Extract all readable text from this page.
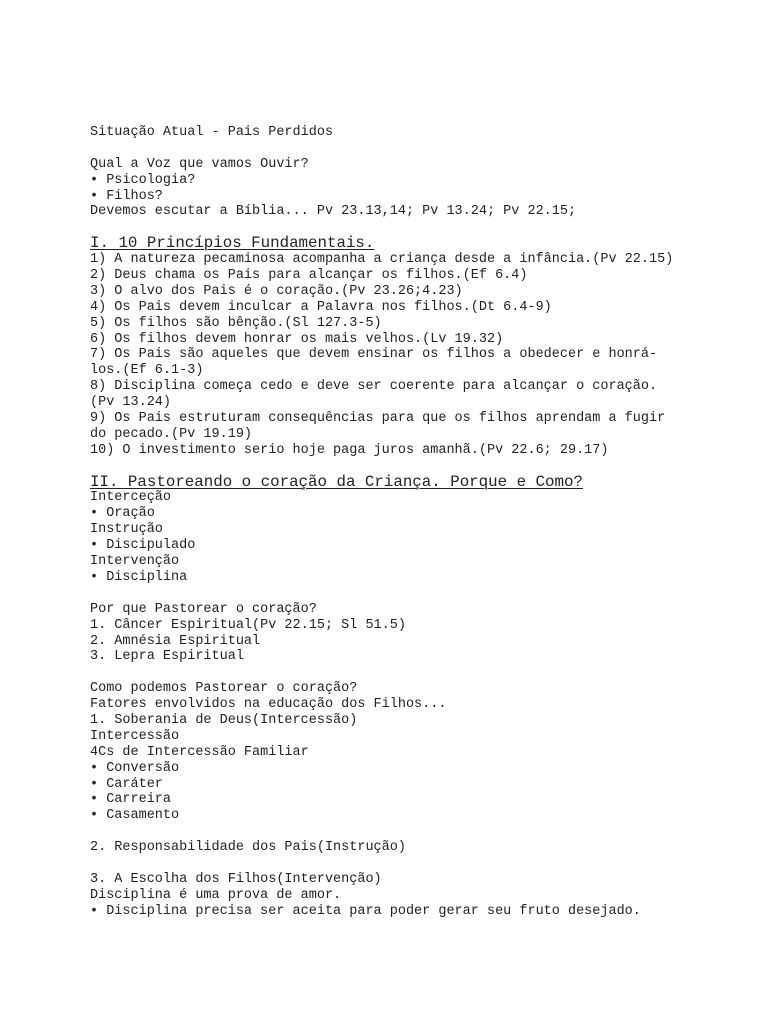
Situação Atual - Pais Perdidos
Qual a Voz que vamos Ouvir?
• Psicologia?
• Filhos?
Devemos escutar a Bíblia... Pv 23.13,14; Pv 13.24; Pv 22.15;
I. 10 Princípios Fundamentais.
1) A natureza pecaminosa acompanha a criança desde a infância.(Pv 22.15)
2) Deus chama os Pais para alcançar os filhos.(Ef 6.4)
3) O alvo dos Pais é o coração.(Pv 23.26;4.23)
4) Os Pais devem inculcar a Palavra nos filhos.(Dt 6.4-9)
5) Os filhos são bênção.(Sl 127.3-5)
6) Os filhos devem honrar os mais velhos.(Lv 19.32)
7) Os Pais são aqueles que devem ensinar os filhos a obedecer e honrá-
los.(Ef 6.1-3)
8) Disciplina começa cedo e deve ser coerente para alcançar o coração.
(Pv 13.24)
9) Os Pais estruturam consequências para que os filhos aprendam a fugir
do pecado.(Pv 19.19)
10) O investimento serio hoje paga juros amanhã.(Pv 22.6; 29.17)
II. Pastoreando o coração da Criança. Porque e Como?
Interceção
• Oração
Instrução
• Discipulado
Intervenção
• Disciplina
Por que Pastorear o coração?
1. Câncer Espiritual(Pv 22.15; Sl 51.5)
2. Amnésia Espiritual
3. Lepra Espiritual
Como podemos Pastorear o coração?
Fatores envolvidos na educação dos Filhos...
1. Soberania de Deus(Intercessão)
Intercessão
4Cs de Intercessão Familiar
• Conversão
• Caráter
• Carreira
• Casamento
2. Responsabilidade dos Pais(Instrução)
3. A Escolha dos Filhos(Intervenção)
Disciplina é uma prova de amor.
• Disciplina precisa ser aceita para poder gerar seu fruto desejado.
